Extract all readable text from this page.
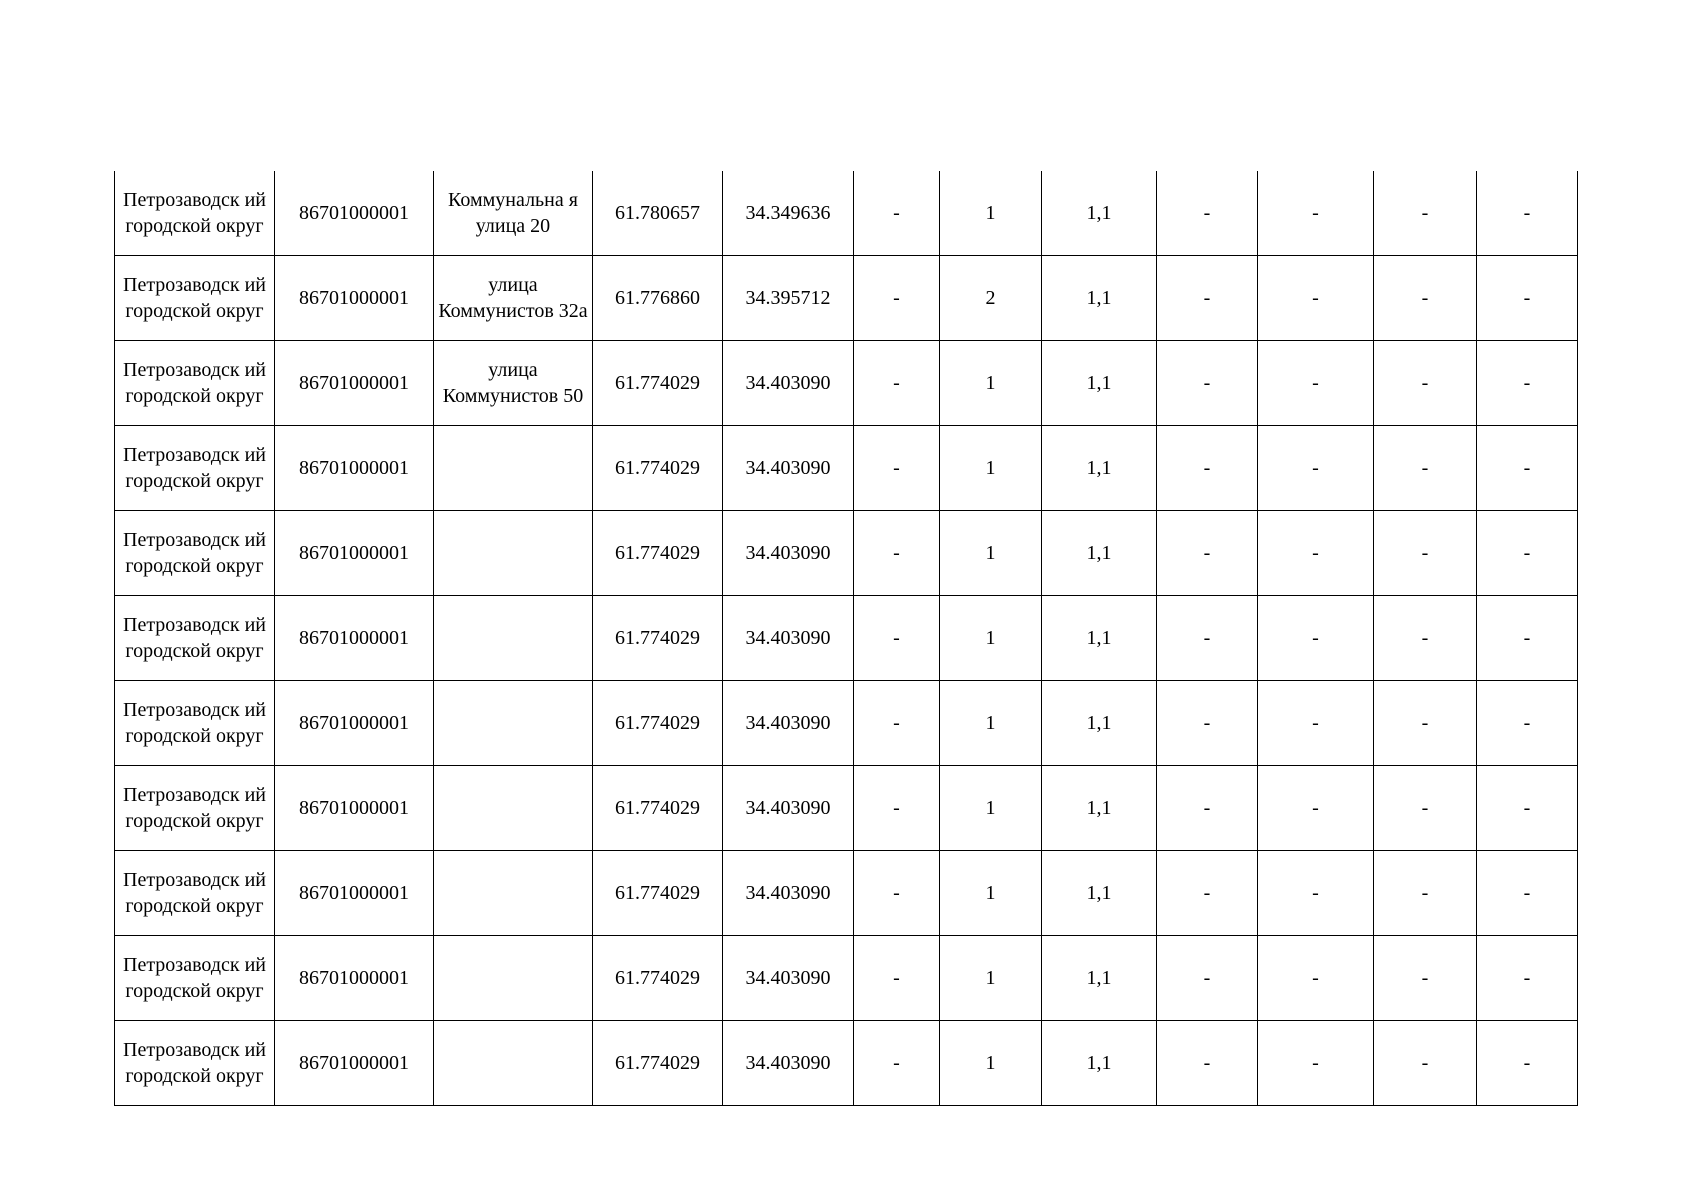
Петрозаводск ий городской округ	86701000001	Коммунальна я улица 20	61.780657	34.349636	-	1	1,1	-	-	-	-
Петрозаводск ий городской округ	86701000001	улица Коммунистов 32а	61.776860	34.395712	-	2	1,1	-	-	-	-
Петрозаводск ий городской округ	86701000001	улица Коммунистов 50	61.774029	34.403090	-	1	1,1	-	-	-	-
Петрозаводск ий городской округ	86701000001		61.774029	34.403090	-	1	1,1	-	-	-	-
Петрозаводск ий городской округ	86701000001		61.774029	34.403090	-	1	1,1	-	-	-	-
Петрозаводск ий городской округ	86701000001		61.774029	34.403090	-	1	1,1	-	-	-	-
Петрозаводск ий городской округ	86701000001		61.774029	34.403090	-	1	1,1	-	-	-	-
Петрозаводск ий городской округ	86701000001		61.774029	34.403090	-	1	1,1	-	-	-	-
Петрозаводск ий городской округ	86701000001		61.774029	34.403090	-	1	1,1	-	-	-	-
Петрозаводск ий городской округ	86701000001		61.774029	34.403090	-	1	1,1	-	-	-	-
Петрозаводск ий городской округ	86701000001		61.774029	34.403090	-	1	1,1	-	-	-	-
